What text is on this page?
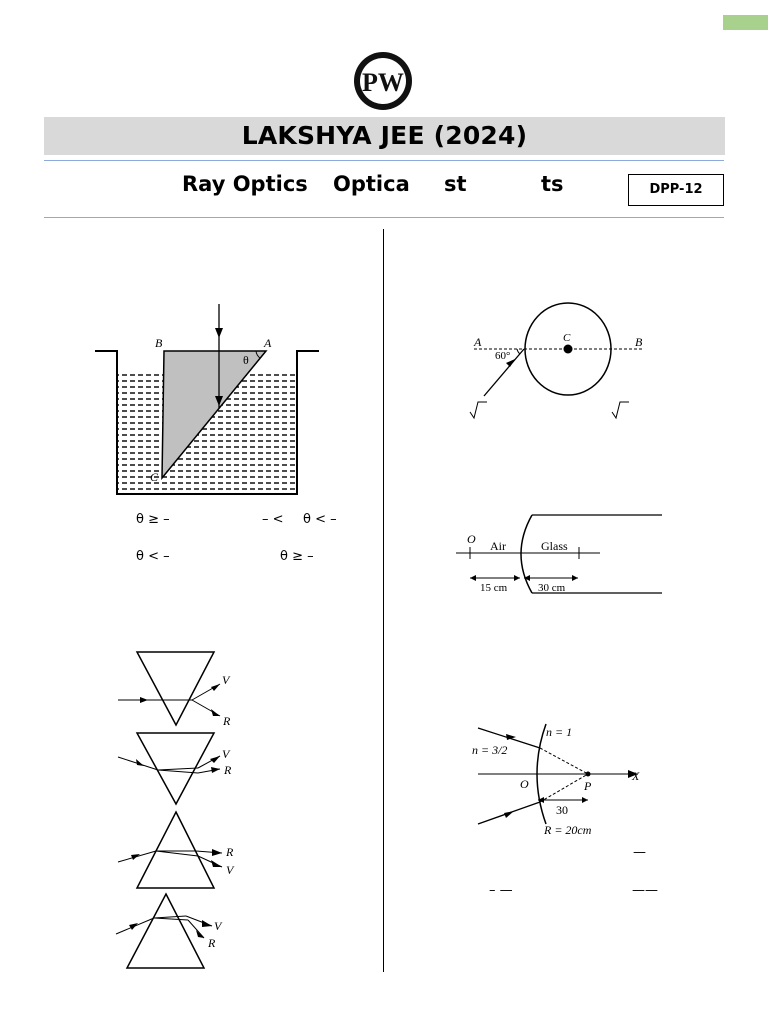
PW
LAKSHYA JEE (2024)
Ray Optics Optica st	ts	DPP-12
B	A
C
θ
θ ≥ –	– < θ < –
θ < –	θ ≥ –
V
R
V
R
R
V
V
R
A	B
C
60°
O Air	Glass
15 cm	30 cm
n = 1
n = 3/2
O	P
X
30
R = 20cm
—
– —	——
